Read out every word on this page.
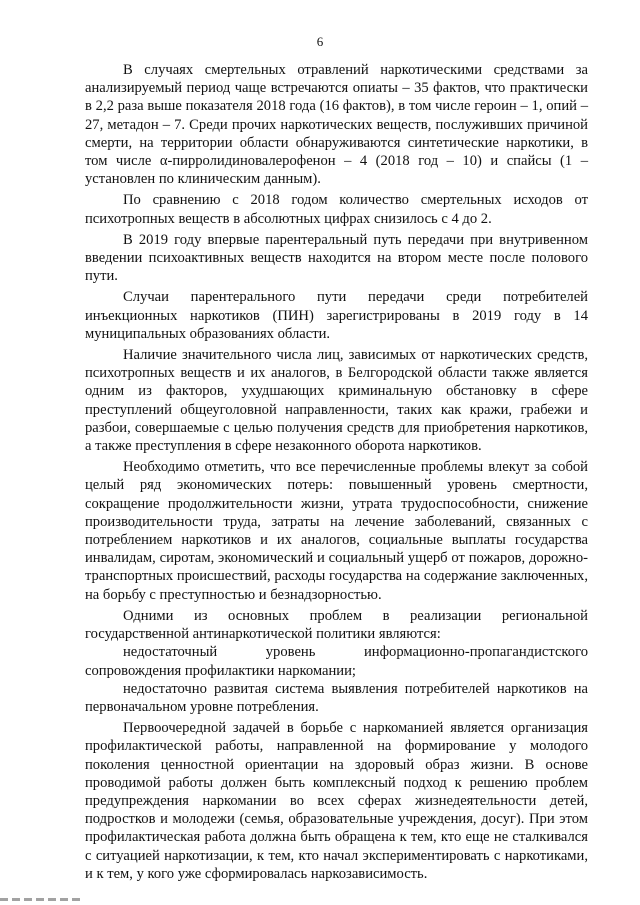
6

В случаях смертельных отравлений наркотическими средствами за анализируемый период чаще встречаются опиаты – 35 фактов, что практически в 2,2 раза выше показателя 2018 года (16 фактов), в том числе героин – 1, опий – 27, метадон – 7. Среди прочих наркотических веществ, послуживших причиной смерти, на территории области обнаруживаются синтетические наркотики, в том числе α-пирролидиновалерофенон – 4 (2018 год – 10) и спайсы (1 – установлен по клиническим данным).

По сравнению с 2018 годом количество смертельных исходов от психотропных веществ в абсолютных цифрах снизилось с 4 до 2.

В 2019 году впервые парентеральный путь передачи при внутривенном введении психоактивных веществ находится на втором месте после полового пути.

Случаи парентерального пути передачи среди потребителей инъекционных наркотиков (ПИН) зарегистрированы в 2019 году в 14 муниципальных образованиях области.

Наличие значительного числа лиц, зависимых от наркотических средств, психотропных веществ и их аналогов, в Белгородской области также является одним из факторов, ухудшающих криминальную обстановку в сфере преступлений общеуголовной направленности, таких как кражи, грабежи и разбои, совершаемые с целью получения средств для приобретения наркотиков, а также преступления в сфере незаконного оборота наркотиков.

Необходимо отметить, что все перечисленные проблемы влекут за собой целый ряд экономических потерь: повышенный уровень смертности, сокращение продолжительности жизни, утрата трудоспособности, снижение производительности труда, затраты на лечение заболеваний, связанных с потреблением наркотиков и их аналогов, социальные выплаты государства инвалидам, сиротам, экономический и социальный ущерб от пожаров, дорожно-транспортных происшествий, расходы государства на содержание заключенных, на борьбу с преступностью и безнадзорностью.

Одними из основных проблем в реализации региональной государственной антинаркотической политики являются:

недостаточный уровень информационно-пропагандистского сопровождения профилактики наркомании;

недостаточно развитая система выявления потребителей наркотиков на первоначальном уровне потребления.

Первоочередной задачей в борьбе с наркоманией является организация профилактической работы, направленной на формирование у молодого поколения ценностной ориентации на здоровый образ жизни. В основе проводимой работы должен быть комплексный подход к решению проблем предупреждения наркомании во всех сферах жизнедеятельности детей, подростков и молодежи (семья, образовательные учреждения, досуг). При этом профилактическая работа должна быть обращена к тем, кто еще не сталкивался с ситуацией наркотизации, к тем, кто начал экспериментировать с наркотиками, и к тем, у кого уже сформировалась наркозависимость.
